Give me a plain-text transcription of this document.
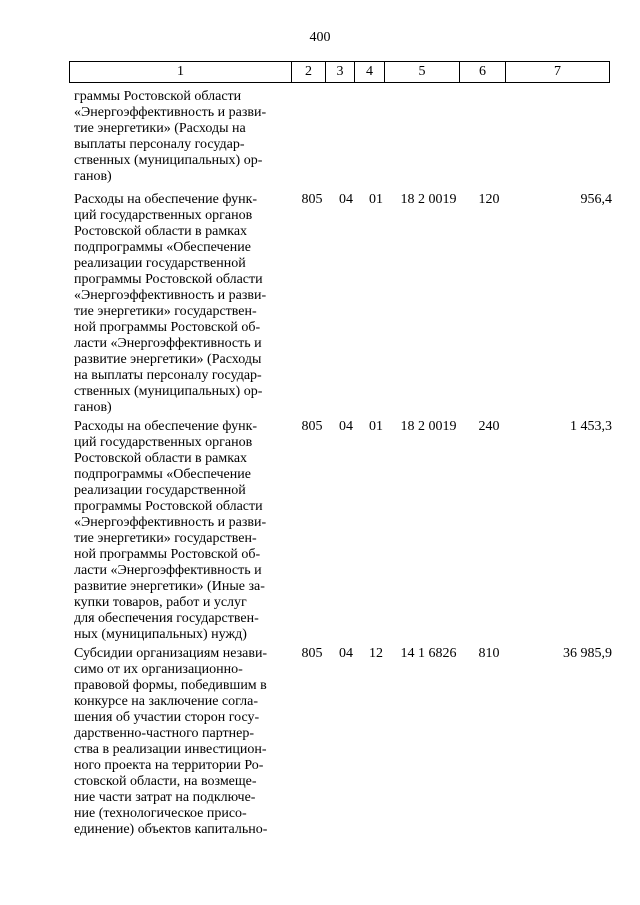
400
1	2	3	4	5	6	7
граммы Ростовской области
«Энергоэффективность и разви-
тие энергетики» (Расходы на
выплаты персоналу государ-
ственных (муниципальных) ор-
ганов)
Расходы на обеспечение функ-
ций государственных органов
Ростовской области в рамках
подпрограммы «Обеспечение
реализации государственной
программы Ростовской области
«Энергоэффективность и разви-
тие энергетики» государствен-
ной программы Ростовской об-
ласти «Энергоэффективность и
развитие энергетики» (Расходы
на выплаты персоналу государ-
ственных (муниципальных) ор-
ганов)
805	04	01	18 2 0019	120	956,4
Расходы на обеспечение функ-
ций государственных органов
Ростовской области в рамках
подпрограммы «Обеспечение
реализации государственной
программы Ростовской области
«Энергоэффективность и разви-
тие энергетики» государствен-
ной программы Ростовской об-
ласти «Энергоэффективность и
развитие энергетики» (Иные за-
купки товаров, работ и услуг
для обеспечения государствен-
ных (муниципальных) нужд)
805	04	01	18 2 0019	240	1 453,3
Субсидии организациям незави-
симо от их организационно-
правовой формы, победившим в
конкурсе на заключение согла-
шения об участии сторон госу-
дарственно-частного партнер-
ства в реализации инвестицион-
ного проекта на территории Ро-
стовской области, на возмеще-
ние части затрат на подключе-
ние (технологическое присо-
единение) объектов капитально-
805	04	12	14 1 6826	810	36 985,9
